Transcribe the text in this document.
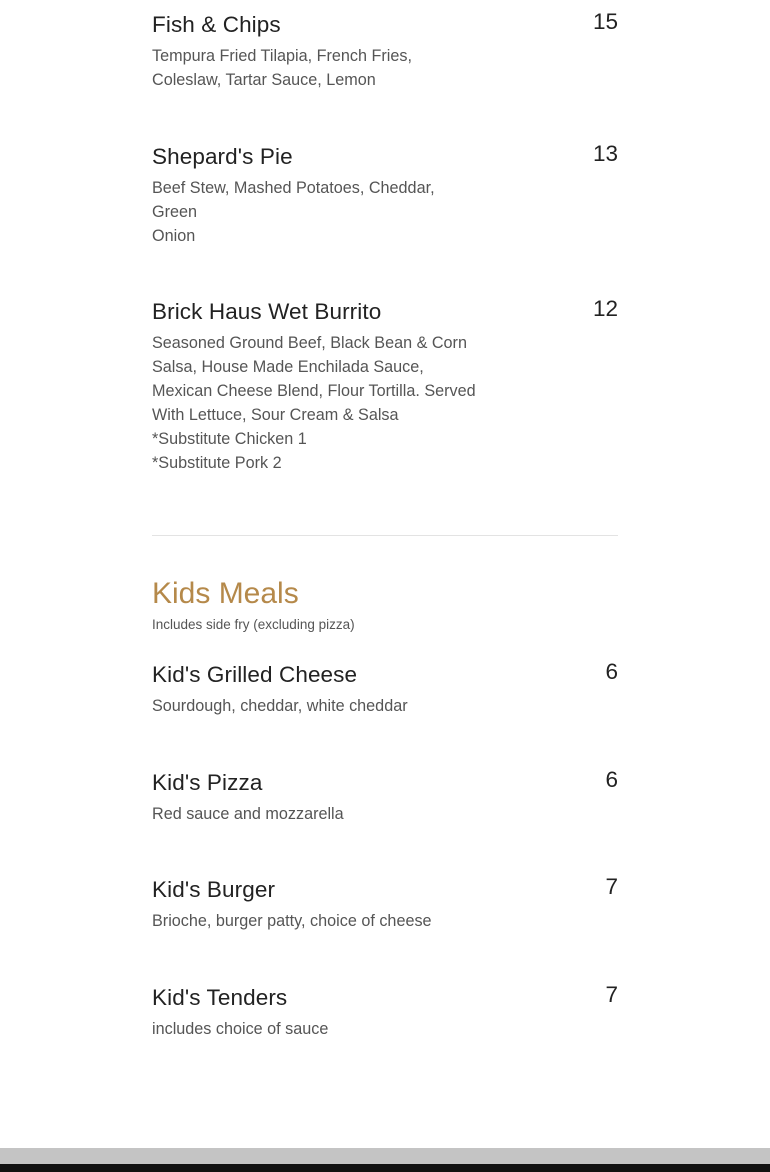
Fish & Chips	15
Tempura Fried Tilapia, French Fries,
Coleslaw, Tartar Sauce, Lemon
Shepard's Pie	13
Beef Stew, Mashed Potatoes, Cheddar,
Green
Onion
Brick Haus Wet Burrito	12
Seasoned Ground Beef, Black Bean & Corn
Salsa, House Made Enchilada Sauce,
Mexican Cheese Blend, Flour Tortilla. Served
With Lettuce, Sour Cream & Salsa
*Substitute Chicken 1
*Substitute Pork 2
Kids Meals
Includes side fry (excluding pizza)
Kid's Grilled Cheese	6
Sourdough, cheddar, white cheddar
Kid's Pizza	6
Red sauce and mozzarella
Kid's Burger	7
Brioche, burger patty, choice of cheese
Kid's Tenders	7
includes choice of sauce
